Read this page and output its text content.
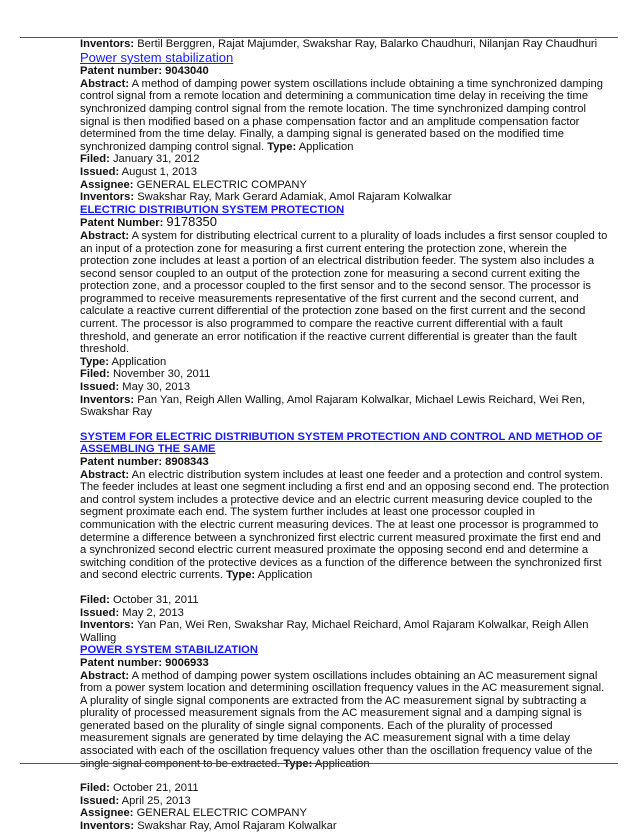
Inventors: Bertil Berggren, Rajat Majumder, Swakshar Ray, Balarko Chaudhuri, Nilanjan Ray Chaudhuri

Power system stabilization

Patent number: 9043040

Abstract: A method of damping power system oscillations include obtaining a time synchronized damping control signal from a remote location and determining a communication time delay in receiving the time synchronized damping control signal from the remote location. The time synchronized damping control signal is then modified based on a phase compensation factor and an amplitude compensation factor determined from the time delay. Finally, a damping signal is generated based on the modified time synchronized damping control signal. Type: Application

Filed: January 31, 2012

Issued: August 1, 2013

Assignee: GENERAL ELECTRIC COMPANY

Inventors: Swakshar Ray, Mark Gerard Adamiak, Amol Rajaram Kolwalkar

ELECTRIC DISTRIBUTION SYSTEM PROTECTION

Patent Number: 9178350

Abstract: A system for distributing electrical current to a plurality of loads includes a first sensor coupled to an input of a protection zone for measuring a first current entering the protection zone, wherein the protection zone includes at least a portion of an electrical distribution feeder. The system also includes a second sensor coupled to an output of the protection zone for measuring a second current exiting the protection zone, and a processor coupled to the first sensor and to the second sensor. The processor is programmed to receive measurements representative of the first current and the second current, and calculate a reactive current differential of the protection zone based on the first current and the second current. The processor is also programmed to compare the reactive current differential with a fault threshold, and generate an error notification if the reactive current differential is greater than the fault threshold.

Type: Application

Filed: November 30, 2011

Issued: May 30, 2013

Inventors: Pan Yan, Reigh Allen Walling, Amol Rajaram Kolwalkar, Michael Lewis Reichard, Wei Ren, Swakshar Ray

SYSTEM FOR ELECTRIC DISTRIBUTION SYSTEM PROTECTION AND CONTROL AND METHOD OF ASSEMBLING THE SAME

Patent number: 8908343

Abstract: An electric distribution system includes at least one feeder and a protection and control system. The feeder includes at least one segment including a first end and an opposing second end. The protection and control system includes a protective device and an electric current measuring device coupled to the segment proximate each end. The system further includes at least one processor coupled in communication with the electric current measuring devices. The at least one processor is programmed to determine a difference between a synchronized first electric current measured proximate the first end and a synchronized second electric current measured proximate the opposing second end and determine a switching condition of the protective devices as a function of the difference between the synchronized first and second electric currents. Type: Application

Filed: October 31, 2011

Issued: May 2, 2013

Inventors: Yan Pan, Wei Ren, Swakshar Ray, Michael Reichard, Amol Rajaram Kolwalkar, Reigh Allen Walling

POWER SYSTEM STABILIZATION

Patent number: 9006933

Abstract: A method of damping power system oscillations includes obtaining an AC measurement signal from a power system location and determining oscillation frequency values in the AC measurement signal. A plurality of single signal components are extracted from the AC measurement signal by subtracting a plurality of processed measurement signals from the AC measurement signal and a damping signal is generated based on the plurality of single signal components. Each of the plurality of processed measurement signals are generated by time delaying the AC measurement signal with a time delay associated with each of the oscillation frequency values other than the oscillation frequency value of the

Filed: October 21, 2011

Issued: April 25, 2013

Assignee: GENERAL ELECTRIC COMPANY

Inventors: Swakshar Ray, Amol Rajaram Kolwalkar
